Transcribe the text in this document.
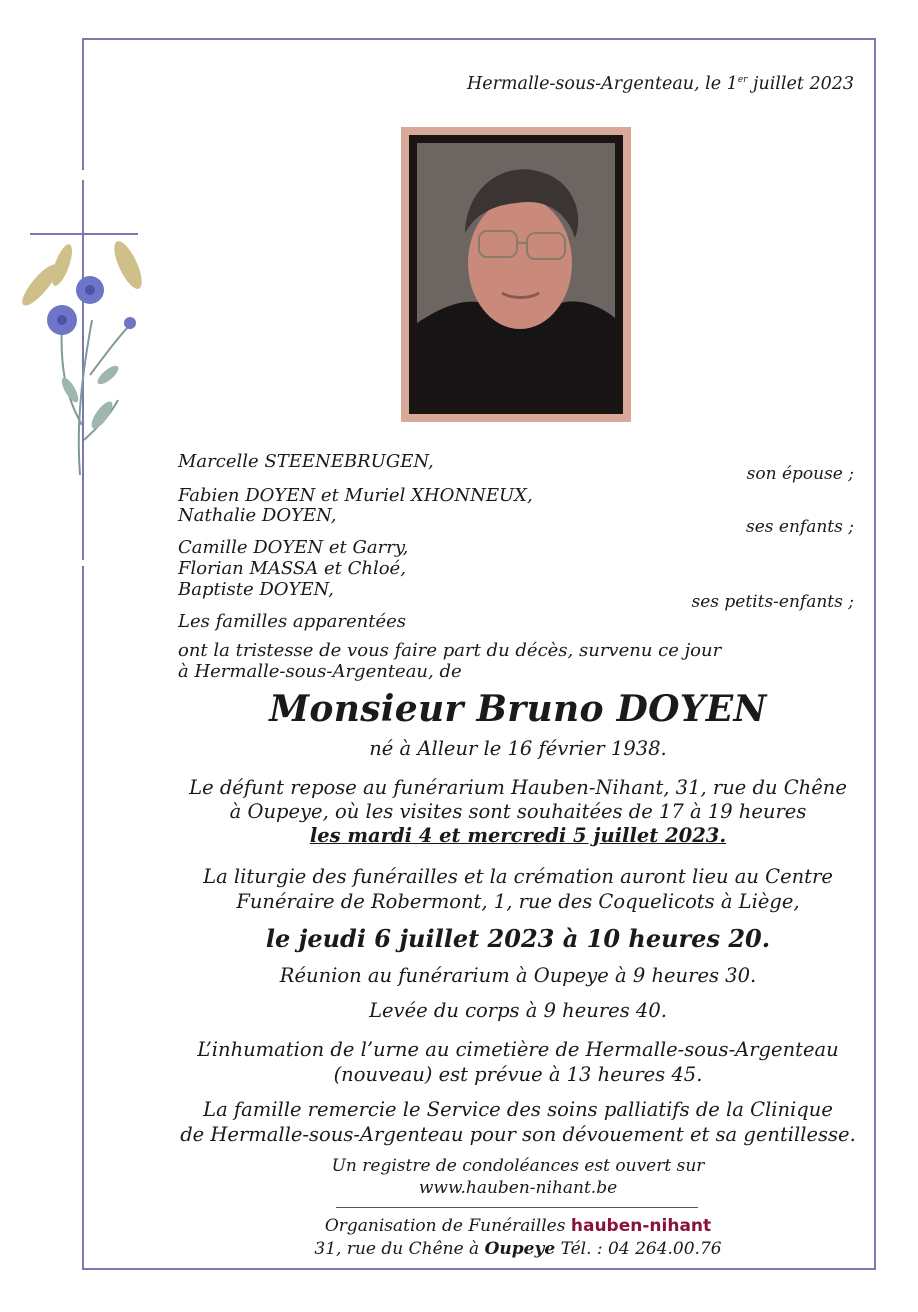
Hermalle-sous-Argenteau, le 1er juillet 2023
Marcelle STEENEBRUGEN,
son épouse ;
Fabien DOYEN et Muriel XHONNEUX,
Nathalie DOYEN,
ses enfants ;
Camille DOYEN et Garry,
Florian MASSA et Chloé,
Baptiste DOYEN,
ses petits-enfants ;
Les familles apparentées
ont la tristesse de vous faire part du décès, survenu ce jour
à Hermalle-sous-Argenteau, de
Monsieur Bruno DOYEN
né à Alleur le 16 février 1938.
Le défunt repose au funérarium Hauben-Nihant, 31, rue du Chêne
à Oupeye, où les visites sont souhaitées de 17 à 19 heures
les mardi 4 et mercredi 5 juillet 2023.
La liturgie des funérailles et la crémation auront lieu au Centre
Funéraire de Robermont, 1, rue des Coquelicots à Liège,
le jeudi 6 juillet 2023 à 10 heures 20.
Réunion au funérarium à Oupeye à 9 heures 30.
Levée du corps à 9 heures 40.
L’inhumation de l’urne au cimetière de Hermalle-sous-Argenteau
(nouveau) est prévue à 13 heures 45.
La famille remercie le Service des soins palliatifs de la Clinique
de Hermalle-sous-Argenteau pour son dévouement et sa gentillesse.
Un registre de condoléances est ouvert sur
www.hauben-nihant.be
Organisation de Funérailles hauben-nihant
31, rue du Chêne à Oupeye Tél. : 04 264.00.76
